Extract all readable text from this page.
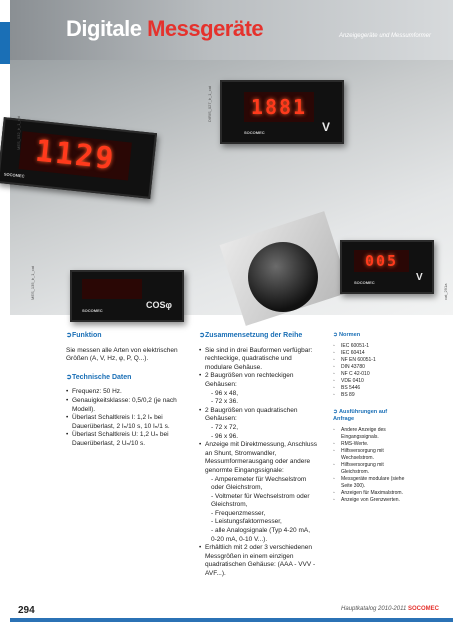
Digitale Messgeräte	Anzeigegeräte und Messumformer
1129
SOCOMEC
1881
SOCOMEC	V
SOCOMEC
COSφ
005
SOCOMEC	V
MES_135_b_1_cat
DIRIS_027_b_1_cat
MES_032_b_1_cat
cat_291a
➲Funktion

Sie messen alle Arten von elektrischen Größen (A, V, Hz, φ, P, Q...).

➲Technische Daten
• Frequenz: 50 Hz.
• Genauigkeitsklasse: 0,5/0,2 (je nach Modell).
• Überlast Schaltkreis I: 1,2 Iₙ bei Dauerüberlast, 2 Iₙ/10 s, 10 Iₙ/1 s.
• Überlast Schaltkreis U: 1,2 Uₙ bei Dauerüberlast, 2 Uₙ/10 s.
➲Zusammensetzung der Reihe
• Sie sind in drei Bauformen verfügbar: rechteckige, quadratische und modulare Gehäuse.
• 2 Baugrößen von rechteckigen Gehäusen:
- 96 x 48,
- 72 x 36.
• 2 Baugrößen von quadratischen Gehäusen:
- 72 x 72,
- 96 x 96.
• Anzeige mit Direktmessung, Anschluss an Shunt, Stromwandler, Messumformerausgang oder andere genormte Eingangssignale:
- Amperemeter für Wechselstrom oder Gleichstrom,
- Voltmeter für Wechselstrom oder Gleichstrom,
- Frequenzmesser,
- Leistungsfaktormesser,
- alle Analogsignale (Typ 4-20 mA, 0-20 mA, 0-10 V...).
• Erhältlich mit 2 oder 3 verschiedenen Messgrößen in einem einzigen quadratischen Gehäuse: (AAA - VVV - AVF...).
➲Normen
◦ IEC 60051-1
◦ IEC 60414
◦ NF EN 60051-1
◦ DIN 43780
◦ NF C 42-010
◦ VDE 0410
◦ BS 5446
◦ BS 89
➲Ausführungen auf Anfrage
◦ Andere Anzeige des Eingangssignals.
◦ RMS-Werte.
◦ Hilfsversorgung mit Wechselstrom.
◦ Hilfsversorgung mit Gleichstrom.
◦ Messgeräte modulare (siehe Seite 300).
◦ Anzeigen für Maximalstrom.
◦ Anzeige von Grenzwerten.
294	Hauptkatalog 2010-2011 SOCOMEC
